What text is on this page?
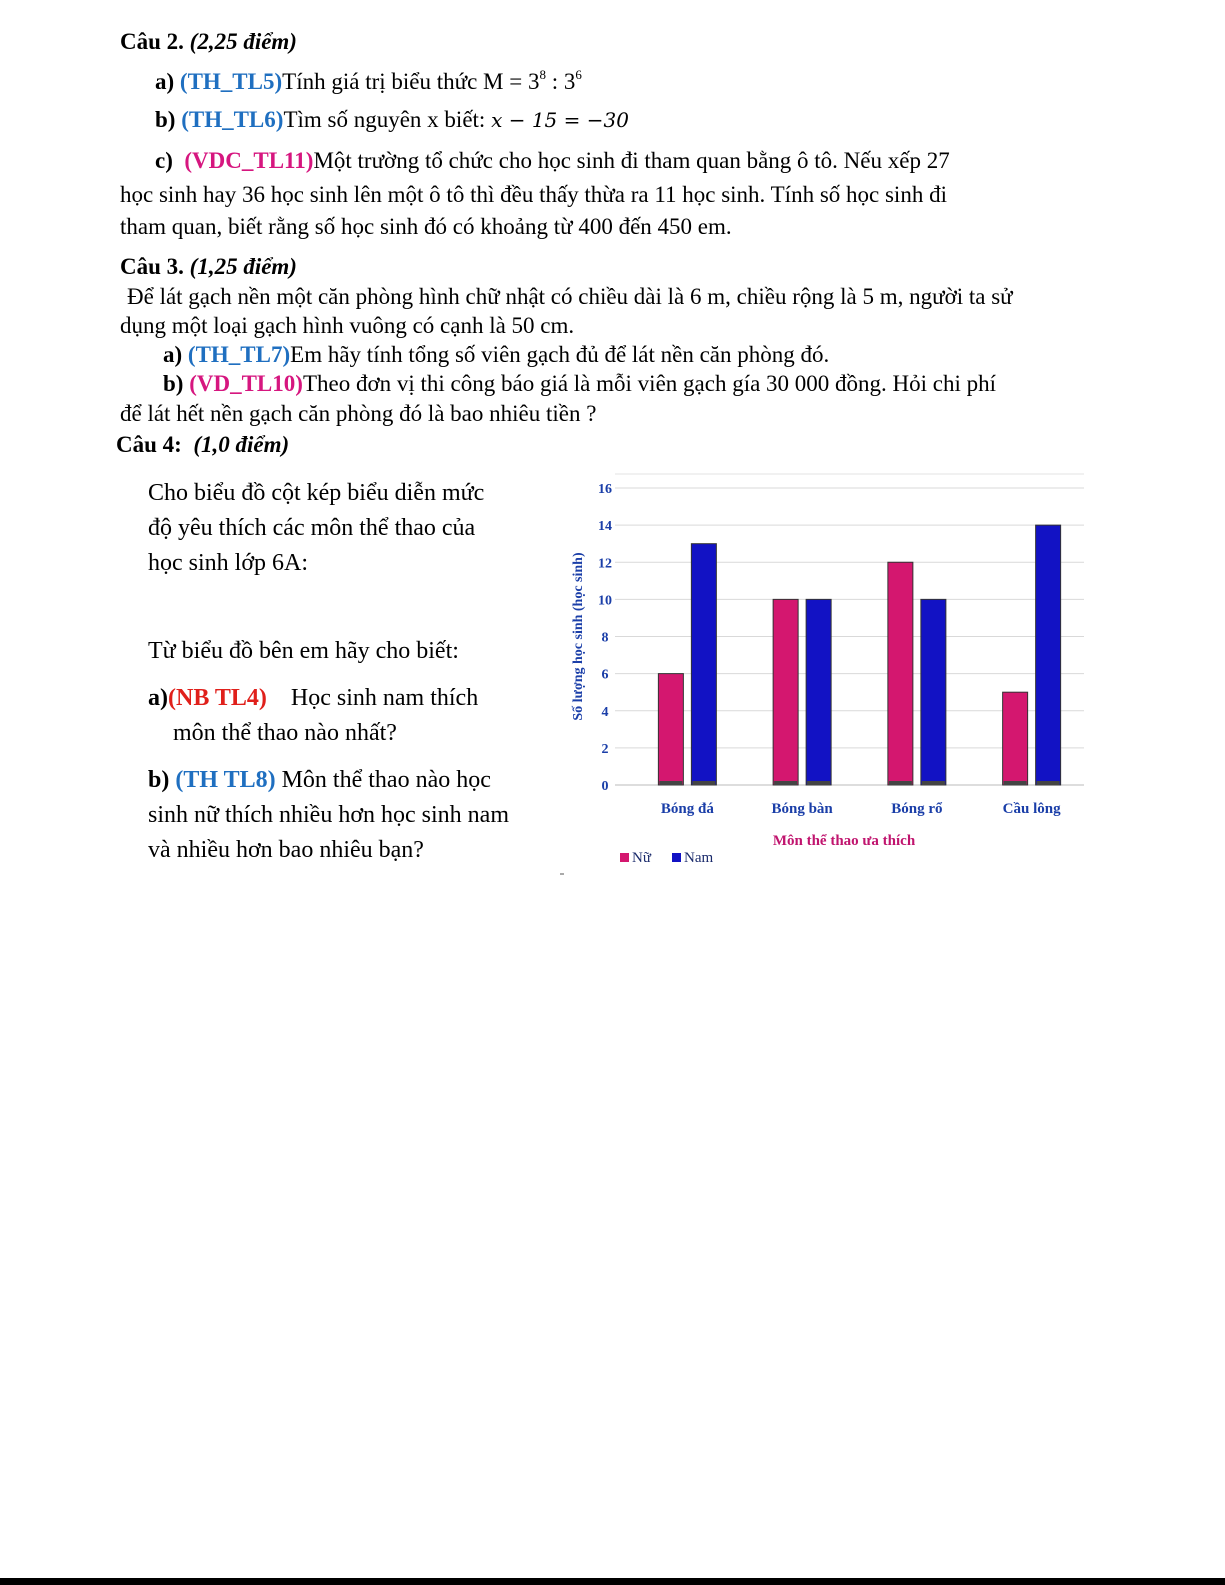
Câu 2. (2,25 điểm)
a) (TH_TL5)Tính giá trị biểu thức $M = 3^8$ : $3^6$
b) (TH_TL6)Tìm số nguyên x biết: x − 15 = −30
c) (VDC_TL11)Một trường tổ chức cho học sinh đi tham quan bằng ô tô. Nếu xếp 27
học sinh hay 36 học sinh lên một ô tô thì đều thấy thừa ra 11 học sinh. Tính số học sinh đi
tham quan, biết rằng số học sinh đó có khoảng từ 400 đến 450 em.
Câu 3. (1,25 điểm)
Để lát gạch nền một căn phòng hình chữ nhật có chiều dài là 6 m, chiều rộng là 5 m, người ta sử
dụng một loại gạch hình vuông có cạnh là 50 cm.
a) (TH_TL7)Em hãy tính tổng số viên gạch đủ để lát nền căn phòng đó.
b) (VD_TL10)Theo đơn vị thi công báo giá là mỗi viên gạch gía 30 000 đồng. Hỏi chi phí
để lát hết nền gạch căn phòng đó là bao nhiêu tiền ?
Câu 4: (1,0 điểm)
Cho biểu đồ cột kép biểu diễn mức
độ yêu thích các môn thể thao của
học sinh lớp 6A:
Từ biểu đồ bên em hãy cho biết:
a)(NB TL4) Học sinh nam thích
môn thể thao nào nhất?
b) (TH TL8) Môn thể thao nào học
sinh nữ thích nhiều hơn học sinh nam
và nhiều hơn bao nhiêu bạn?
0
2
4
6
8
10
12
14
16
Bóng đá	Bóng bàn	Bóng rổ	Cầu lông
Số lượng học sinh (học sinh)
Môn thể thao ưa thích
Nữ Nam
